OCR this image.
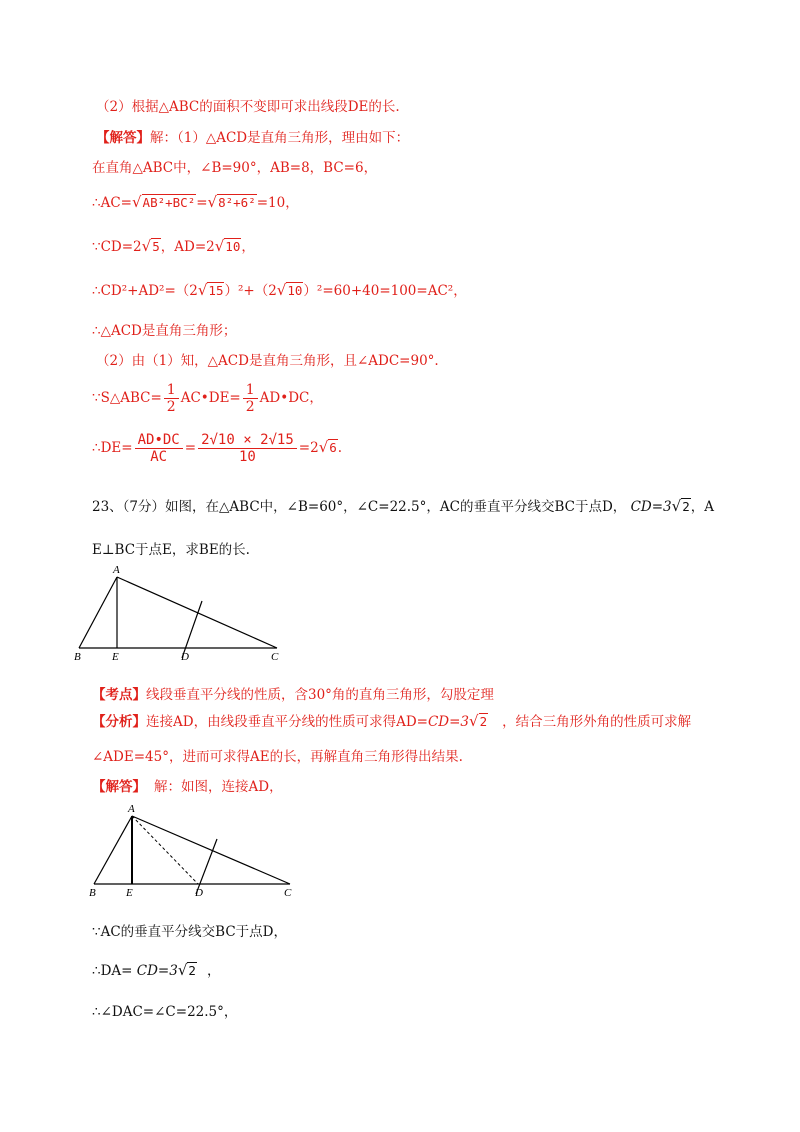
（2）根据△ABC的面积不变即可求出线段DE的长.
【解答】解：（1）△ACD是直角三角形，理由如下：
在直角△ABC中，∠B=90°，AB=8，BC=6，
∴AC=√AB²+BC²=√8²+6²=10，
∵CD=2√5，AD=2√10，
∴CD²+AD²=（2√15）²+（2√10）²=60+40=100=AC²，
∴△ACD是直角三角形；
（2）由（1）知，△ACD是直角三角形，且∠ADC=90°.
∵S△ABC= $\frac{1}{2}$ AC•DE= $\frac{1}{2}$ AD•DC，
∴DE= $\frac{AD•DC}{AC} = \frac{2√10 \times 2√15}{10} =2√6$.
23、（7分）如图，在△ABC中，∠B=60°，∠C=22.5°，AC的垂直平分线交BC于点D， CD=3√2，A
E⊥BC于点E，求BE的长.
A
B	E	D	C
【考点】线段垂直平分线的性质，含30°角的直角三角形，勾股定理
【分析】连接AD，由线段垂直平分线的性质可求得AD=CD=3√2 ，结合三角形外角的性质可求解
∠ADE=45°，进而可求得AE的长，再解直角三角形得出结果.
【解答】 解：如图，连接AD，
A
B	E	D	C
∵AC的垂直平分线交BC于点D，
∴DA= CD=3√2 ，
∴∠DAC=∠C=22.5°，
